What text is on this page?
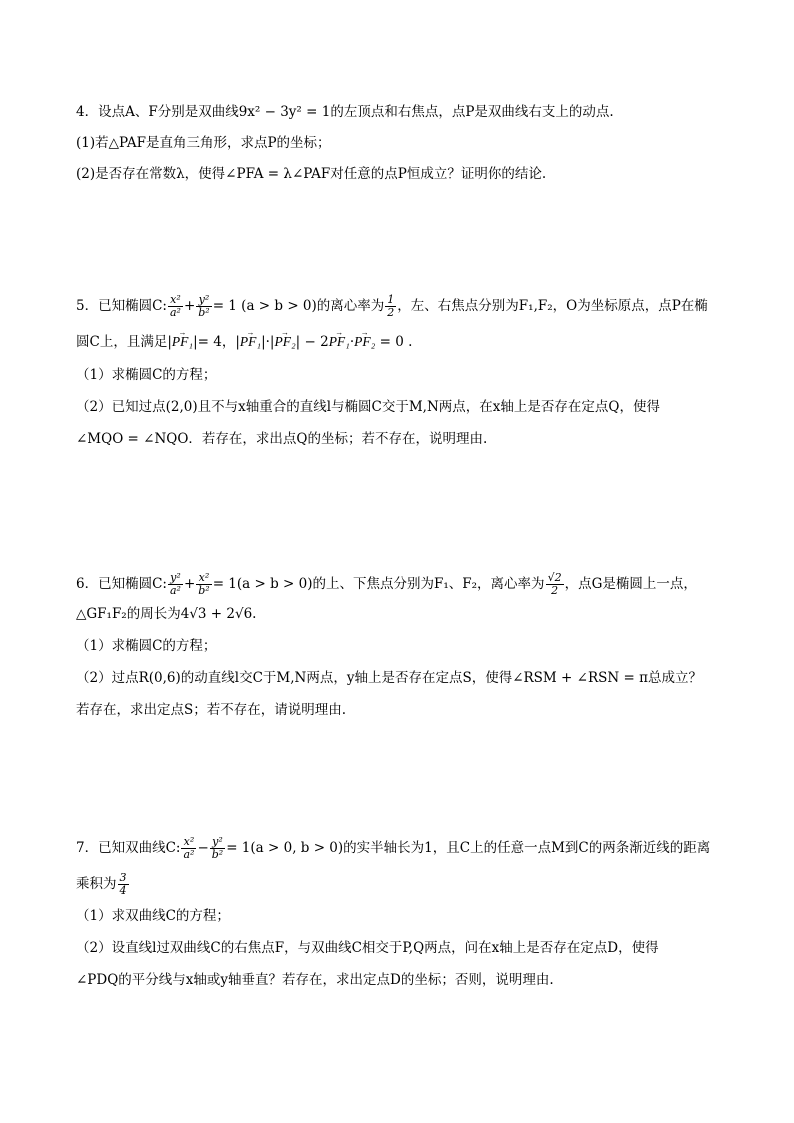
4．设点A、F分别是双曲线9x² − 3y² = 1的左顶点和右焦点，点P是双曲线右支上的动点.
(1)若△PAF是直角三角形，求点P的坐标；
(2)是否存在常数λ，使得∠PFA = λ∠PAF对任意的点P恒成立？证明你的结论.
5．已知椭圆C: $\frac{\text{x²}}{\text{a²}} + \frac{\text{y²}}{\text{b²}} = 1$ (a > b > 0)的离心率为 $\frac{1}{2}$ ，左、右焦点分别为F₁,F₂，O为坐标原点，点P在椭
圆C上，且满足|→ PF₁|= 4，|→ PF₁|·|→ PF₂| − 2→ PF₁·→ PF₂ = 0 .
（1）求椭圆C的方程；
（2）已知过点(2,0)且不与x轴重合的直线l与椭圆C交于M,N两点，在x轴上是否存在定点Q，使得
∠MQO = ∠NQO．若存在，求出点Q的坐标；若不存在，说明理由.
6．已知椭圆C: $\frac{\text{y²}}{\text{a²}} + \frac{\text{x²}}{\text{b²}} = 1(a > b > 0)$的上、下焦点分别为F₁、F₂，离心率为 $\frac{√2}{2}$ ，点G是椭圆上一点，
△GF₁F₂的周长为4√3 + 2√6.
（1）求椭圆C的方程；
（2）过点R(0,6)的动直线l交C于M,N两点，y轴上是否存在定点S，使得∠RSM + ∠RSN = π总成立？
若存在，求出定点S；若不存在，请说明理由.
7．已知双曲线C: $\frac{\text{x²}}{\text{a²}} - \frac{\text{y²}}{\text{b²}} = 1(a > 0$, b > 0)的实半轴长为1，且C上的任意一点M到C的两条渐近线的距离
乘积为 $\frac{3}{4}$
（1）求双曲线C的方程；
（2）设直线l过双曲线C的右焦点F，与双曲线C相交于P,Q两点，问在x轴上是否存在定点D，使得
∠PDQ的平分线与x轴或y轴垂直？若存在，求出定点D的坐标；否则，说明理由.
